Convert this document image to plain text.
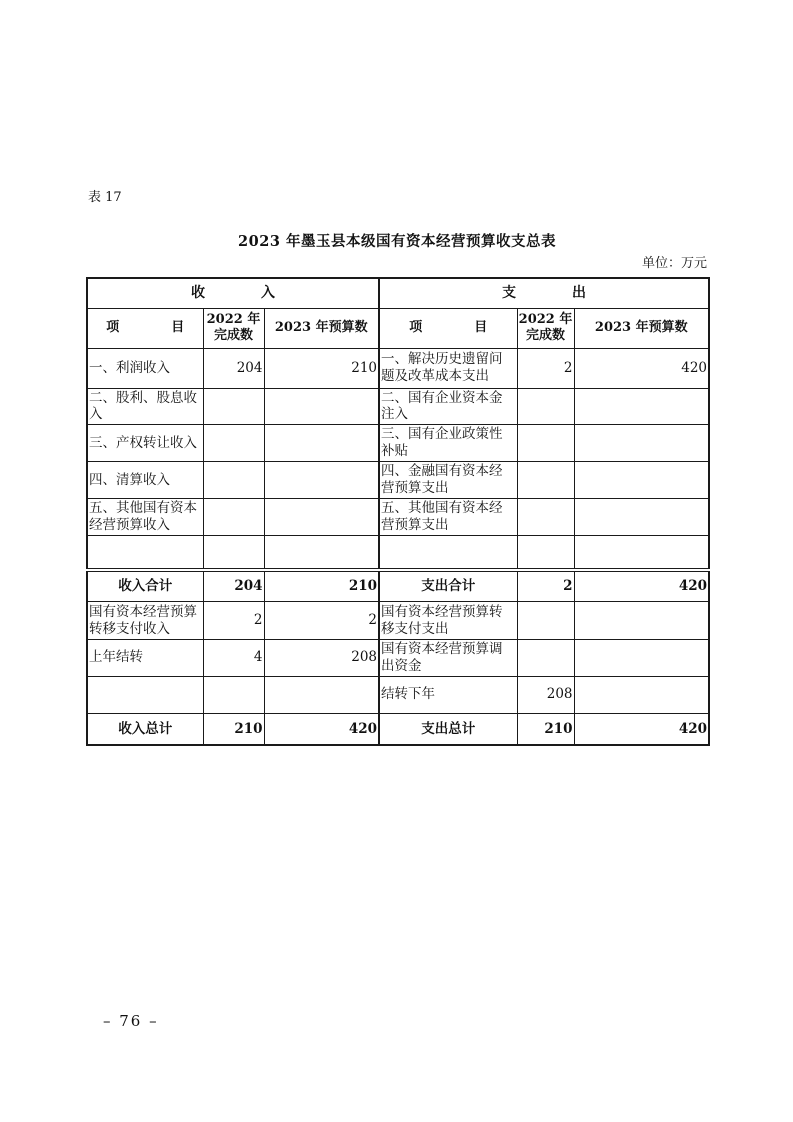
表 17
2023 年墨玉县本级国有资本经营预算收支总表
单位：万元
收　　　　入			支　　　　出		
项　　　　目	2022 年完成数	2023 年预算数	项　　　　目	2022 年完成数	2023 年预算数
一、利润收入	204	210	一、解决历史遗留问题及改革成本支出	2	420
二、股利、股息收入			二、国有企业资本金注入		
三、产权转让收入			三、国有企业政策性补贴		
四、清算收入			四、金融国有资本经营预算支出		
五、其他国有资本经营预算收入			五、其他国有资本经营预算支出		

收入合计	204	210	支出合计	2	420
国有资本经营预算转移支付收入	2	2	国有资本经营预算转移支付支出		
上年结转	4	208	国有资本经营预算调出资金		
			结转下年	208	
收入总计	210	420	支出总计	210	420
– 76 –
